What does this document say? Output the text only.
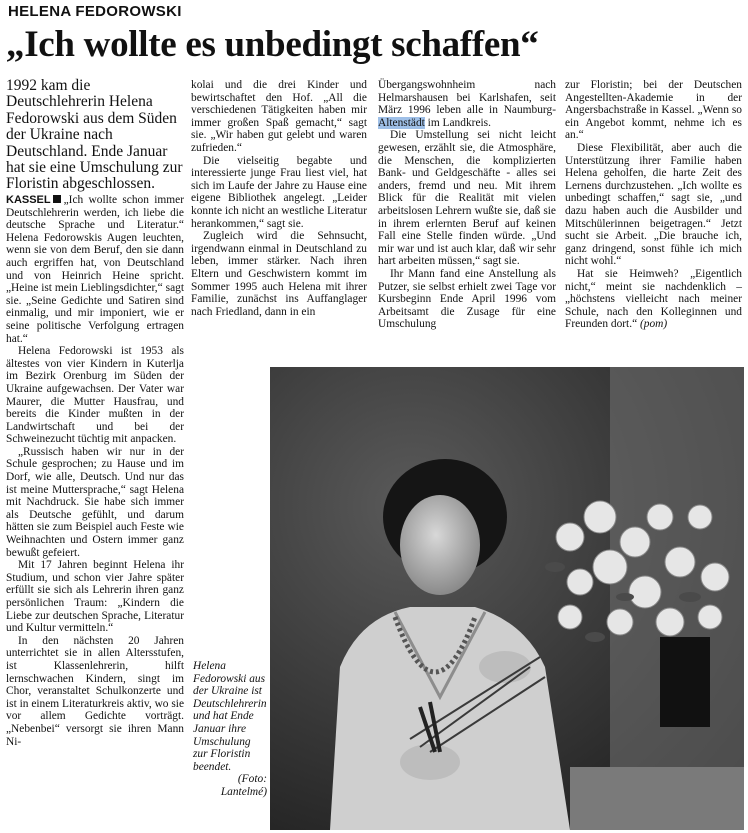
HELENA FEDOROWSKI
„Ich wollte es unbedingt schaffen“
1992 kam die Deutschlehrerin Helena Fedorowski aus dem Süden der Ukraine nach Deutschland. Ende Januar hat sie eine Umschulung zur Floristin abgeschlossen.

KASSEL „Ich wollte schon immer Deutschlehrerin werden, ich liebe die deutsche Sprache und Literatur.“ Helena Fedorowskis Augen leuchten, wenn sie von dem Beruf, den sie dann auch ergriffen hat, von Deutschland und von Heinrich Heine spricht. „Heine ist mein Lieblingsdichter,“ sagt sie. „Seine Gedichte und Satiren sind einmalig, und mir imponiert, wie er seine politische Verfolgung ertragen hat.“

Helena Fedorowski ist 1953 als ältestes von vier Kindern in Kuterlja im Bezirk Orenburg im Süden der Ukraine aufgewachsen. Der Vater war Maurer, die Mutter Hausfrau, und bereits die Kinder mußten in der Landwirtschaft und bei der Schweinezucht tüchtig mit anpacken.

„Russisch haben wir nur in der Schule gesprochen; zu Hause und im Dorf, wie alle, Deutsch. Und nur das ist meine Muttersprache,“ sagt Helena mit Nachdruck. Sie habe sich immer als Deutsche gefühlt, und darum hätten sie zum Beispiel auch Feste wie Weihnachten und Ostern immer ganz bewußt gefeiert.

Mit 17 Jahren beginnt Helena ihr Studium, und schon vier Jahre später erfüllt sie sich als Lehrerin ihren ganz persönlichen Traum: „Kindern die Liebe zur deutschen Sprache, Literatur und Kultur vermitteln.“

In den nächsten 20 Jahren unterrichtet sie in allen Altersstufen, ist Klassenlehrerin, hilft lernschwachen Kindern, singt im Chor, veranstaltet Schulkonzerte und ist in einem Literaturkreis aktiv, wo sie vor allem Gedichte vorträgt. „Nebenbei“ versorgt sie ihren Mann Ni-

kolai und die drei Kinder und bewirtschaftet den Hof. „All die verschiedenen Tätigkeiten haben mir immer großen Spaß gemacht,“ sagt sie. „Wir haben gut gelebt und waren zufrieden.“

Die vielseitig begabte und interessierte junge Frau liest viel, hat sich im Laufe der Jahre zu Hause eine eigene Bibliothek angelegt. „Leider konnte ich nicht an westliche Literatur herankommen,“ sagt sie.

Zugleich wird die Sehnsucht, irgendwann einmal in Deutschland zu leben, immer stärker. Nach ihren Eltern und Geschwistern kommt im Sommer 1995 auch Helena mit ihrer Familie, zunächst ins Auffanglager nach Friedland, dann in ein

Übergangswohnheim nach Helmarshausen bei Karlshafen, seit März 1996 leben alle in Naumburg-Altenstädt im Landkreis.

Die Umstellung sei nicht leicht gewesen, erzählt sie, die Atmosphäre, die Menschen, die komplizierten Bank- und Geldgeschäfte - alles sei anders, fremd und neu. Mit ihrem Blick für die Realität mit vielen arbeitslosen Lehrern wußte sie, daß sie in ihrem erlernten Beruf auf keinen Fall eine Stelle finden würde. „Und mir war und ist auch klar, daß wir sehr hart arbeiten müssen,“ sagt sie.

Ihr Mann fand eine Anstellung als Putzer, sie selbst erhielt zwei Tage vor Kursbeginn Ende April 1996 vom Arbeitsamt die Zusage für eine Umschulung

zur Floristin; bei der Deutschen Angestellten-Akademie in der Angersbachstraße in Kassel. „Wenn so ein Angebot kommt, nehme ich es an.“

Diese Flexibilität, aber auch die Unterstützung ihrer Familie haben Helena geholfen, die harte Zeit des Lernens durchzustehen. „Ich wollte es unbedingt schaffen,“ sagt sie, „und dazu haben auch die Ausbilder und Mitschülerinnen beigetragen.“ Jetzt sucht sie Arbeit. „Die brauche ich, ganz dringend, sonst fühle ich mich nicht wohl.“

Hat sie Heimweh? „Eigentlich nicht,“ meint sie nachdenklich – „höchstens vielleicht nach meiner Schule, nach den Kolleginnen und Freunden dort.“ (pom)

Helena Fedorowski aus der Ukraine ist Deutschlehrerin und hat Ende Januar ihre Umschulung zur Floristin beendet.
(Foto: Lantelmé)
